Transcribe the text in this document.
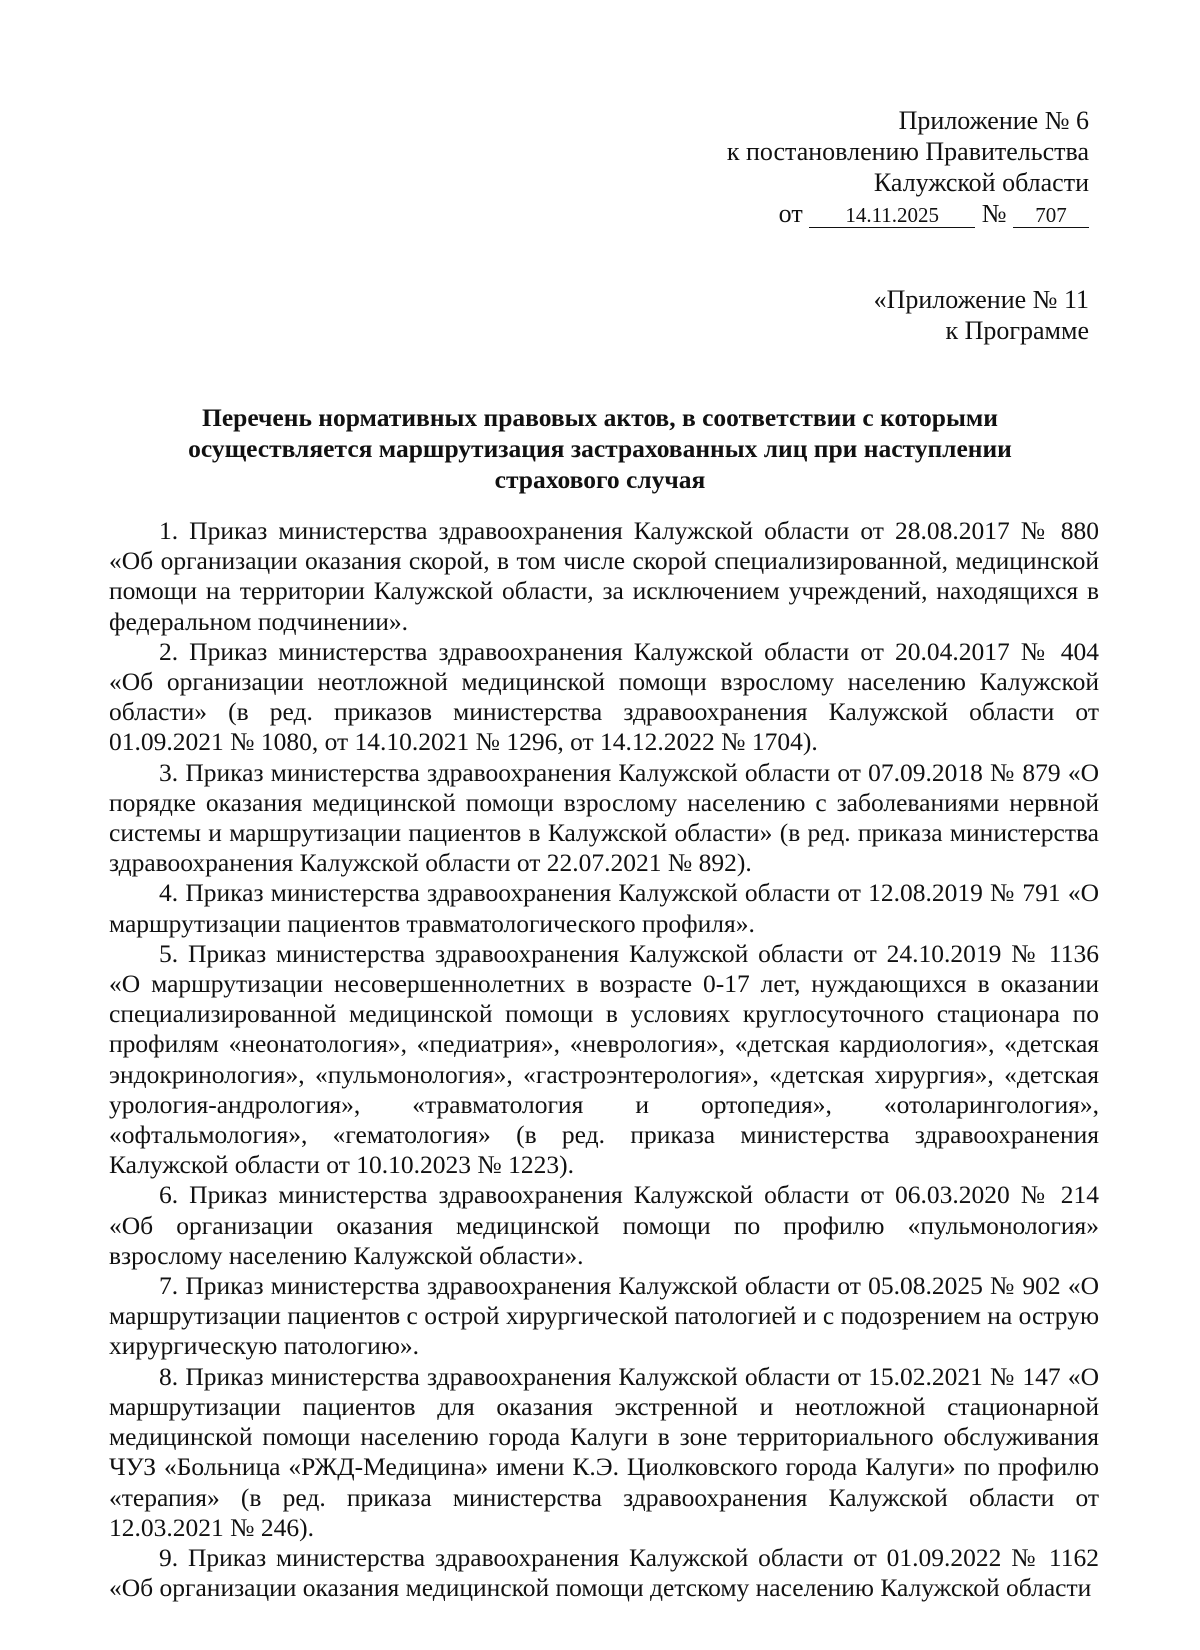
Приложение № 6
к постановлению Правительства
Калужской области
от 14.11.2025 № 707
«Приложение № 11
к Программе
Перечень нормативных правовых актов, в соответствии с которыми
осуществляется маршрутизация застрахованных лиц при наступлении
страхового случая

1. Приказ министерства здравоохранения Калужской области от 28.08.2017 № 880 «Об организации оказания скорой, в том числе скорой специализированной, медицинской помощи на территории Калужской области, за исключением учреждений, находящихся в федеральном подчинении».

2. Приказ министерства здравоохранения Калужской области от 20.04.2017 № 404 «Об организации неотложной медицинской помощи взрослому населению Калужской области» (в ред. приказов министерства здравоохранения Калужской области от 01.09.2021 № 1080, от 14.10.2021 № 1296, от 14.12.2022 № 1704).

3. Приказ министерства здравоохранения Калужской области от 07.09.2018 № 879 «О порядке оказания медицинской помощи взрослому населению с заболеваниями нервной системы и маршрутизации пациентов в Калужской области» (в ред. приказа министерства здравоохранения Калужской области от 22.07.2021 № 892).

4. Приказ министерства здравоохранения Калужской области от 12.08.2019 № 791 «О маршрутизации пациентов травматологического профиля».

5. Приказ министерства здравоохранения Калужской области от 24.10.2019 № 1136 «О маршрутизации несовершеннолетних в возрасте 0-17 лет, нуждающихся в оказании специализированной медицинской помощи в условиях круглосуточного стационара по профилям «неонатология», «педиатрия», «неврология», «детская кардиология», «детская эндокринология», «пульмонология», «гастроэнтерология», «детская хирургия», «детская урология-андрология», «травматология и ортопедия», «отоларингология», «офтальмология», «гематология» (в ред. приказа министерства здравоохранения Калужской области от 10.10.2023 № 1223).

6. Приказ министерства здравоохранения Калужской области от 06.03.2020 № 214 «Об организации оказания медицинской помощи по профилю «пульмонология» взрослому населению Калужской области».

7. Приказ министерства здравоохранения Калужской области от 05.08.2025 № 902 «О маршрутизации пациентов с острой хирургической патологией и с подозрением на острую хирургическую патологию».

8. Приказ министерства здравоохранения Калужской области от 15.02.2021 № 147 «О маршрутизации пациентов для оказания экстренной и неотложной стационарной медицинской помощи населению города Калуги в зоне территориального обслуживания ЧУЗ «Больница «РЖД-Медицина» имени К.Э. Циолковского города Калуги» по профилю «терапия» (в ред. приказа министерства здравоохранения Калужской области от 12.03.2021 № 246).

9. Приказ министерства здравоохранения Калужской области от 01.09.2022 № 1162 «Об организации оказания медицинской помощи детскому населению Калужской области
